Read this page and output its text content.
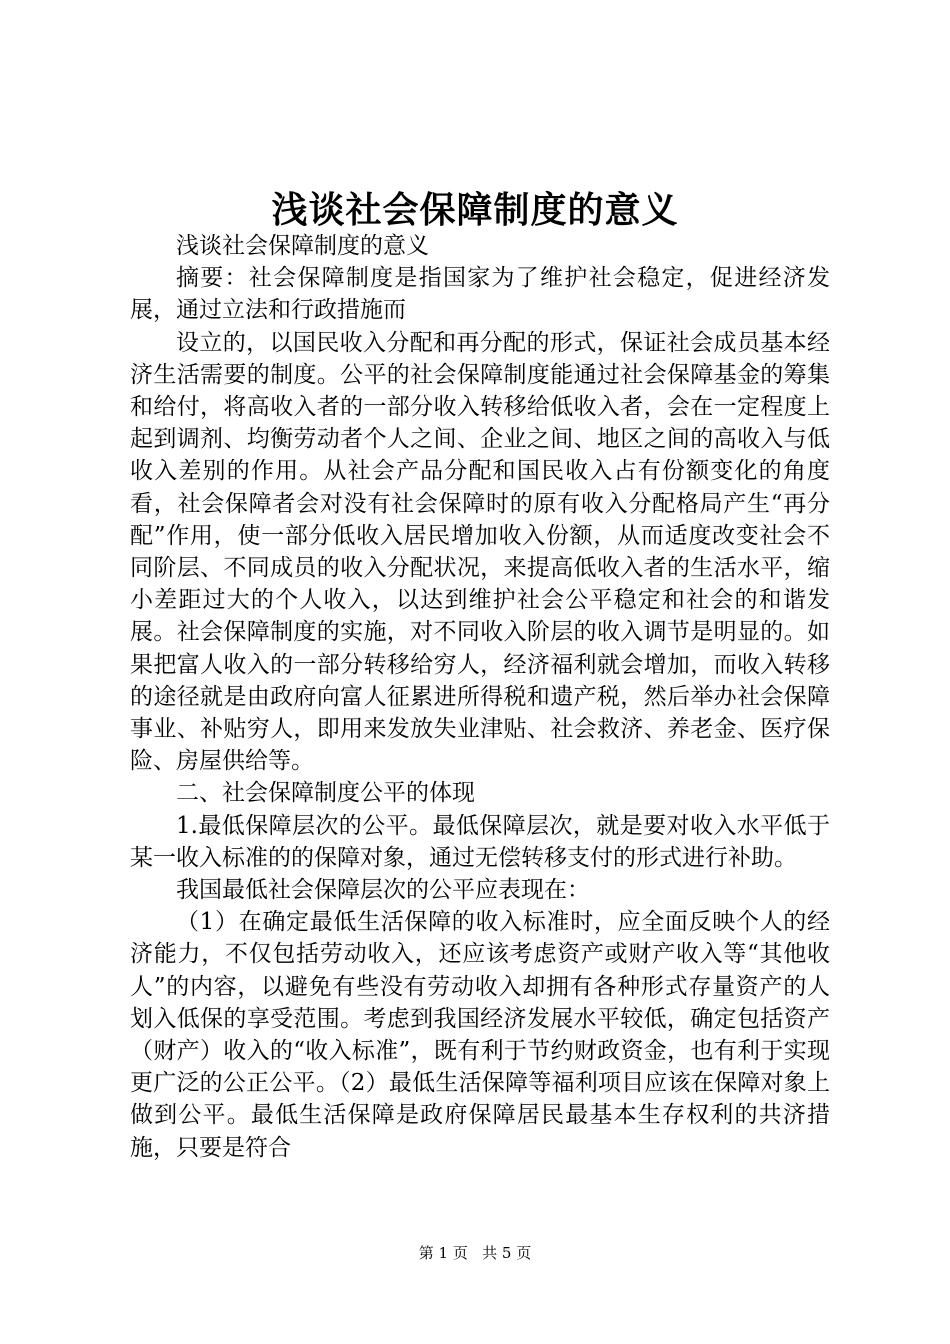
浅谈社会保障制度的意义

浅谈社会保障制度的意义

摘要：社会保障制度是指国家为了维护社会稳定，促进经济发展，通过立法和行政措施而

设立的，以国民收入分配和再分配的形式，保证社会成员基本经济生活需要的制度。公平的社会保障制度能通过社会保障基金的筹集和给付，将高收入者的一部分收入转移给低收入者，会在一定程度上起到调剂、均衡劳动者个人之间、企业之间、地区之间的高收入与低收入差别的作用。从社会产品分配和国民收入占有份额变化的角度看，社会保障者会对没有社会保障时的原有收入分配格局产生“再分配”作用，使一部分低收入居民增加收入份额，从而适度改变社会不同阶层、不同成员的收入分配状况，来提高低收入者的生活水平，缩小差距过大的个人收入，以达到维护社会公平稳定和社会的和谐发展。社会保障制度的实施，对不同收入阶层的收入调节是明显的。如果把富人收入的一部分转移给穷人，经济福利就会增加，而收入转移的途径就是由政府向富人征累进所得税和遗产税，然后举办社会保障事业、补贴穷人，即用来发放失业津贴、社会救济、养老金、医疗保险、房屋供给等。

二、社会保障制度公平的体现

1.最低保障层次的公平。最低保障层次，就是要对收入水平低于某一收入标准的的保障对象，通过无偿转移支付的形式进行补助。

我国最低社会保障层次的公平应表现在：

（1）在确定最低生活保障的收入标准时，应全面反映个人的经济能力，不仅包括劳动收入，还应该考虑资产或财产收入等“其他收人”的内容，以避免有些没有劳动收入却拥有各种形式存量资产的人划入低保的享受范围。考虑到我国经济发展水平较低，确定包括资产（财产）收入的“收入标准”，既有利于节约财政资金，也有利于实现更广泛的公正公平。（2）最低生活保障等福利项目应该在保障对象上做到公平。最低生活保障是政府保障居民最基本生存权利的共济措施，只要是符合

第 1 页   共 5 页
